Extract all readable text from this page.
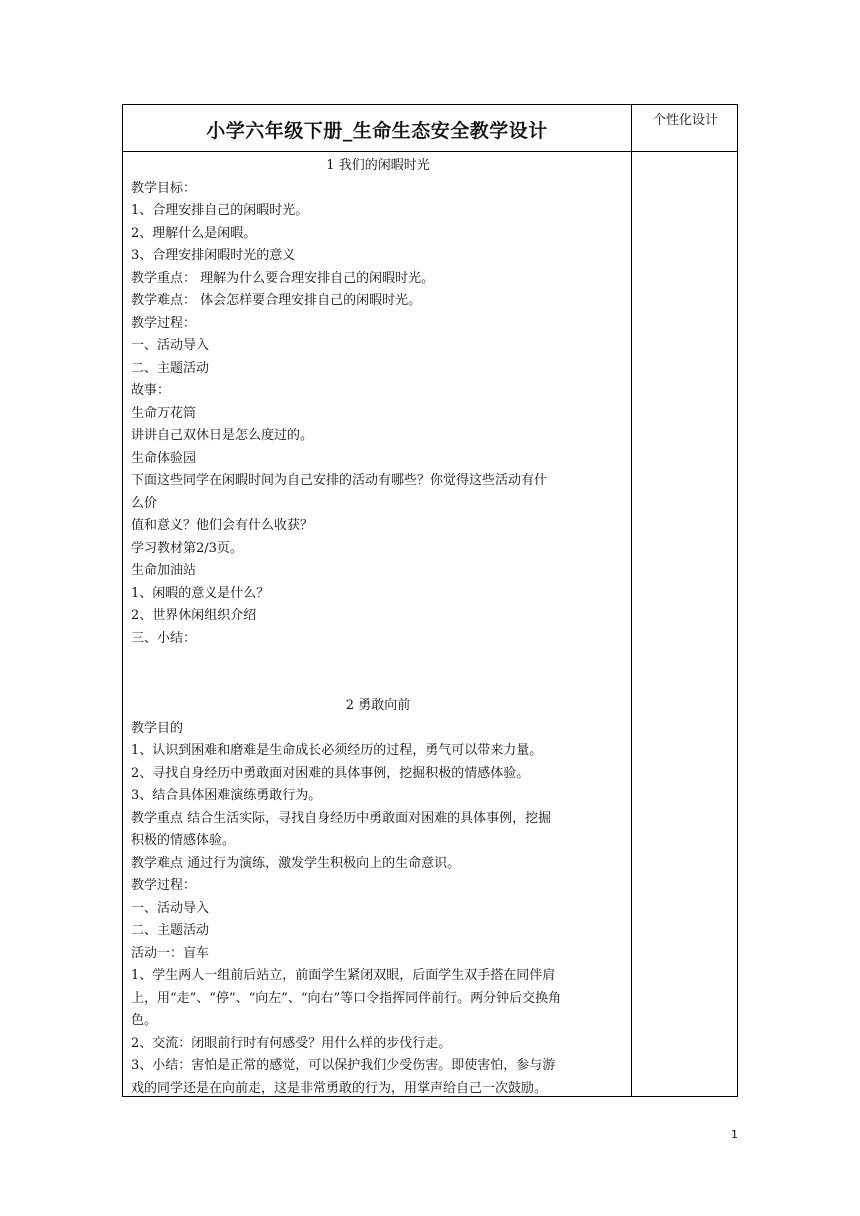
小学六年级下册_生命生态安全教学设计	个性化设计
1 我们的闲暇时光
教学目标：
1、合理安排自己的闲暇时光。
2、理解什么是闲暇。
3、合理安排闲暇时光的意义
教学重点： 理解为什么要合理安排自己的闲暇时光。
教学难点： 体会怎样要合理安排自己的闲暇时光。
教学过程：
一、活动导入
二、主题活动
故事：
生命万花筒
讲讲自己双休日是怎么度过的。
生命体验园
下面这些同学在闲暇时间为自己安排的活动有哪些？你觉得这些活动有什
么价
值和意义？他们会有什么收获？
学习教材第2/3页。
生命加油站
1、闲暇的意义是什么？
2、世界休闲组织介绍
三、小结：
2 勇敢向前
教学目的
1、认识到困难和磨难是生命成长必须经历的过程，勇气可以带来力量。
2、寻找自身经历中勇敢面对困难的具体事例，挖掘积极的情感体验。
3、结合具体困难演练勇敢行为。
教学重点 结合生活实际，寻找自身经历中勇敢面对困难的具体事例，挖掘
积极的情感体验。
教学难点 通过行为演练，激发学生积极向上的生命意识。
教学过程：
一、活动导入
二、主题活动
活动一：盲车
1、学生两人一组前后站立，前面学生紧闭双眼，后面学生双手搭在同伴肩
上，用“走”、“停”、“向左”、“向右”等口令指挥同伴前行。两分钟后交换角
色。
2、交流：闭眼前行时有何感受？用什么样的步伐行走。
3、小结：害怕是正常的感觉，可以保护我们少受伤害。即使害怕，参与游
戏的同学还是在向前走，这是非常勇敢的行为，用掌声给自己一次鼓励。
1
